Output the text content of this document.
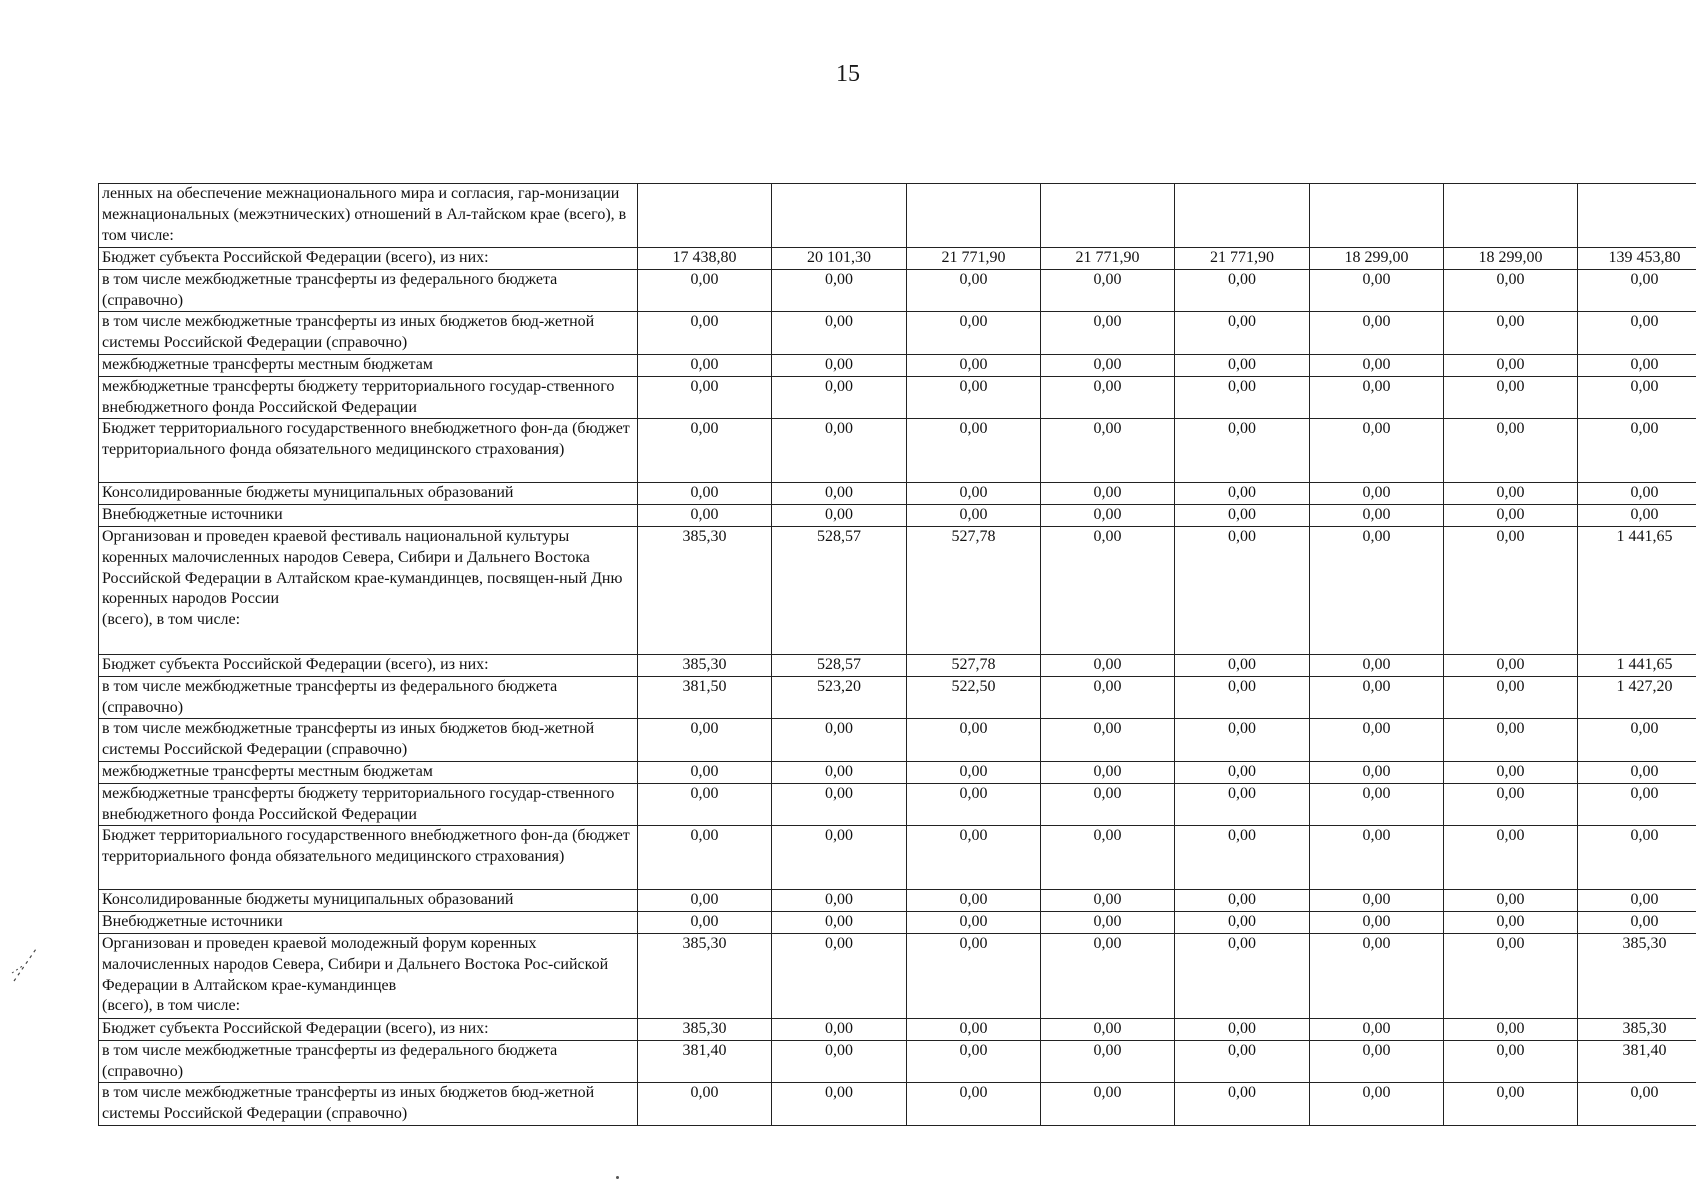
15
ленных на обеспечение межнационального мира и согласия, гар-монизации межнациональных (межэтнических) отношений в Ал-тайском крае (всего), в том числе:								
Бюджет субъекта Российской Федерации (всего), из них:	17 438,80	20 101,30	21 771,90	21 771,90	21 771,90	18 299,00	18 299,00	139 453,80
в том числе межбюджетные трансферты из федерального бюджета (справочно)	0,00	0,00	0,00	0,00	0,00	0,00	0,00	0,00
в том числе межбюджетные трансферты из иных бюджетов бюд-жетной системы Российской Федерации (справочно)	0,00	0,00	0,00	0,00	0,00	0,00	0,00	0,00
межбюджетные трансферты местным бюджетам	0,00	0,00	0,00	0,00	0,00	0,00	0,00	0,00
межбюджетные трансферты бюджету территориального государ-ственного внебюджетного фонда Российской Федерации	0,00	0,00	0,00	0,00	0,00	0,00	0,00	0,00
Бюджет территориального государственного внебюджетного фон-да (бюджет территориального фонда обязательного медицинского страхования)	0,00	0,00	0,00	0,00	0,00	0,00	0,00	0,00
Консолидированные бюджеты муниципальных образований	0,00	0,00	0,00	0,00	0,00	0,00	0,00	0,00
Внебюджетные источники	0,00	0,00	0,00	0,00	0,00	0,00	0,00	0,00
Организован и проведен краевой фестиваль национальной культуры коренных малочисленных народов Севера, Сибири и Дальнего Востока
Российской Федерации в Алтайском крае-кумандинцев, посвящен-ный Дню коренных народов России
(всего), в том числе:	385,30	528,57	527,78	0,00	0,00	0,00	0,00	1 441,65
Бюджет субъекта Российской Федерации (всего), из них:	385,30	528,57	527,78	0,00	0,00	0,00	0,00	1 441,65
в том числе межбюджетные трансферты из федерального бюджета (справочно)	381,50	523,20	522,50	0,00	0,00	0,00	0,00	1 427,20
в том числе межбюджетные трансферты из иных бюджетов бюд-жетной системы Российской Федерации (справочно)	0,00	0,00	0,00	0,00	0,00	0,00	0,00	0,00
межбюджетные трансферты местным бюджетам	0,00	0,00	0,00	0,00	0,00	0,00	0,00	0,00
межбюджетные трансферты бюджету территориального государ-ственного внебюджетного фонда Российской Федерации	0,00	0,00	0,00	0,00	0,00	0,00	0,00	0,00
Бюджет территориального государственного внебюджетного фон-да (бюджет территориального фонда обязательного медицинского страхования)	0,00	0,00	0,00	0,00	0,00	0,00	0,00	0,00
Консолидированные бюджеты муниципальных образований	0,00	0,00	0,00	0,00	0,00	0,00	0,00	0,00
Внебюджетные источники	0,00	0,00	0,00	0,00	0,00	0,00	0,00	0,00
Организован и проведен краевой молодежный форум коренных малочисленных народов Севера, Сибири и Дальнего Востока Рос-сийской Федерации в Алтайском крае-кумандинцев
(всего), в том числе:	385,30	0,00	0,00	0,00	0,00	0,00	0,00	385,30
Бюджет субъекта Российской Федерации (всего), из них:	385,30	0,00	0,00	0,00	0,00	0,00	0,00	385,30
в том числе межбюджетные трансферты из федерального бюджета (справочно)	381,40	0,00	0,00	0,00	0,00	0,00	0,00	381,40
в том числе межбюджетные трансферты из иных бюджетов бюд-жетной системы Российской Федерации (справочно)	0,00	0,00	0,00	0,00	0,00	0,00	0,00	0,00
